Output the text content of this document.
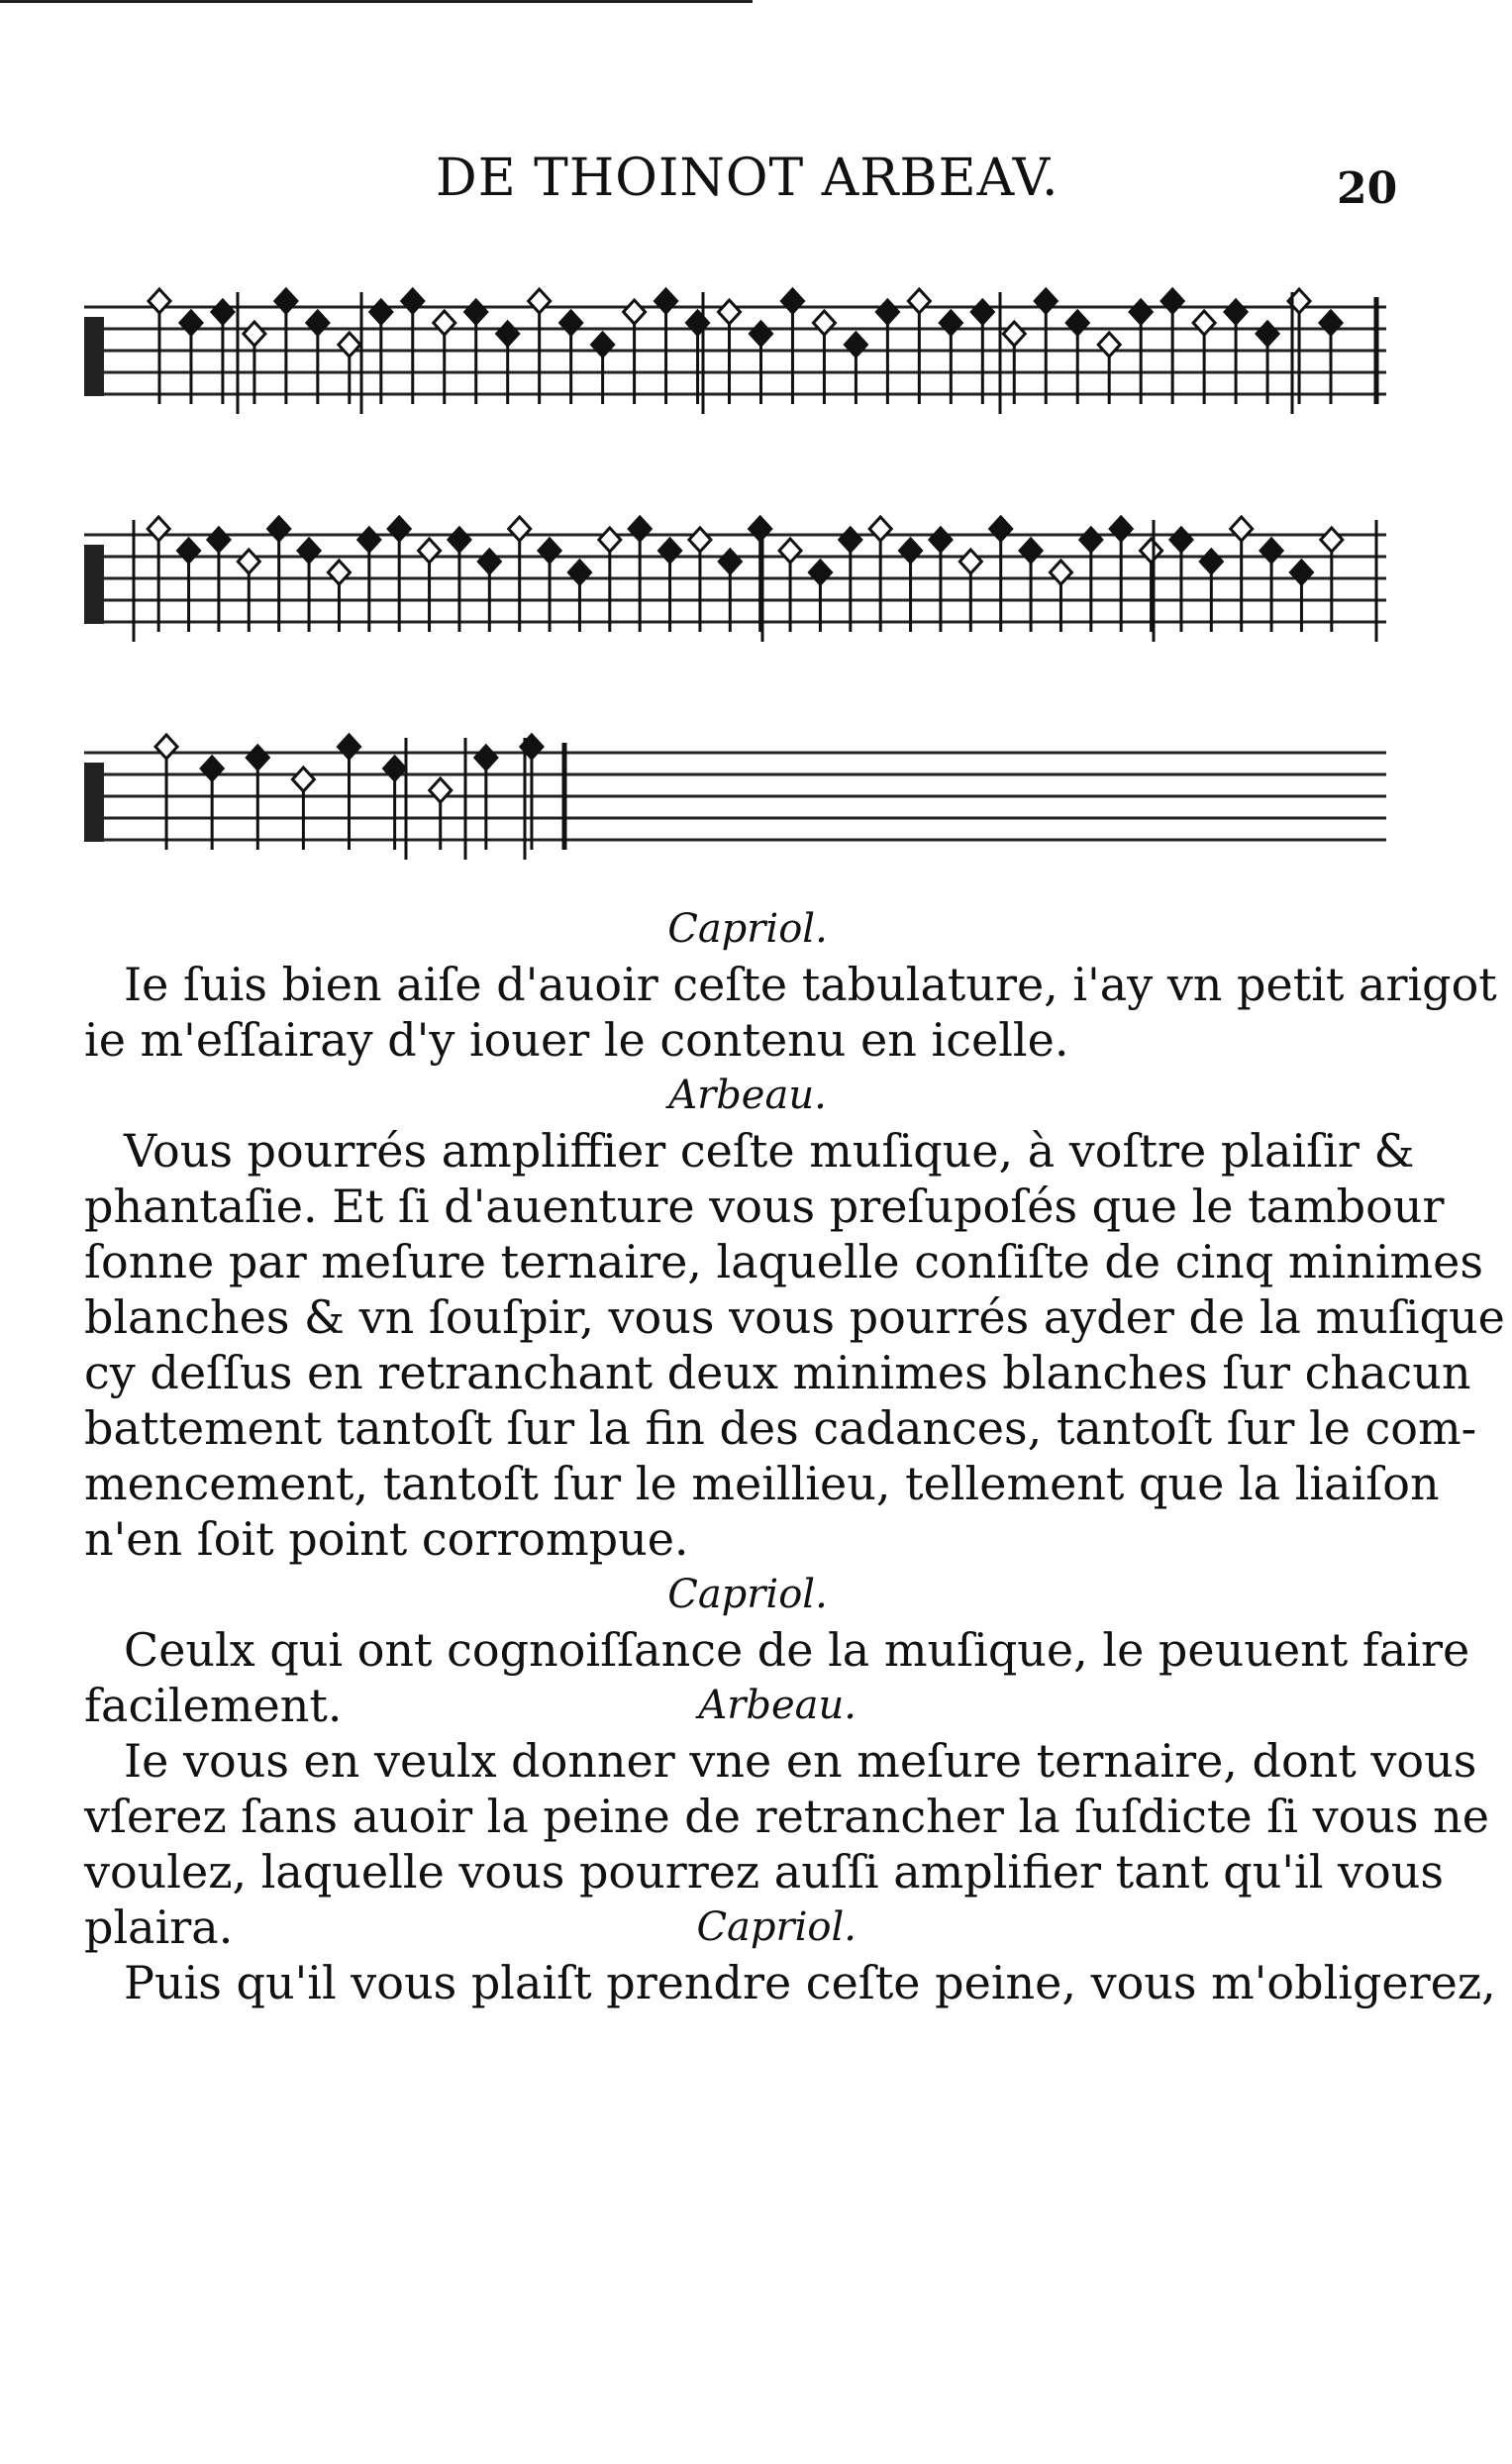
DE THOINOT ARBEAV.	20
Capriol.
Ie ſuis bien aiſe d'auoir ceſte tabulature, i'ay vn petit arigot
ie m'eſſairay d'y iouer le contenu en icelle.
Arbeau.
Vous pourrés ampliffier ceſte muſique, à voſtre plaiſir &
phantaſie. Et ſi d'auenture vous preſupoſés que le tambour
ſonne par meſure ternaire, laquelle conſiſte de cinq minimes
blanches & vn ſouſpir, vous vous pourrés ayder de la muſique
cy deſſus en retranchant deux minimes blanches ſur chacun
battement tantoſt ſur la fin des cadances, tantoſt ſur le com-
mencement, tantoſt ſur le meillieu, tellement que la liaiſon
n'en ſoit point corrompue.
Capriol.
Ceulx qui ont cognoiſſance de la muſique, le peuuent faire
facilement.	Arbeau.
Ie vous en veulx donner vne en meſure ternaire, dont vous
vſerez ſans auoir la peine de retrancher la ſuſdicte ſi vous ne
voulez, laquelle vous pourrez auſſi amplifier tant qu'il vous
plaira.	Capriol.
Puis qu'il vous plaiſt prendre ceſte peine, vous m'obligerez,
